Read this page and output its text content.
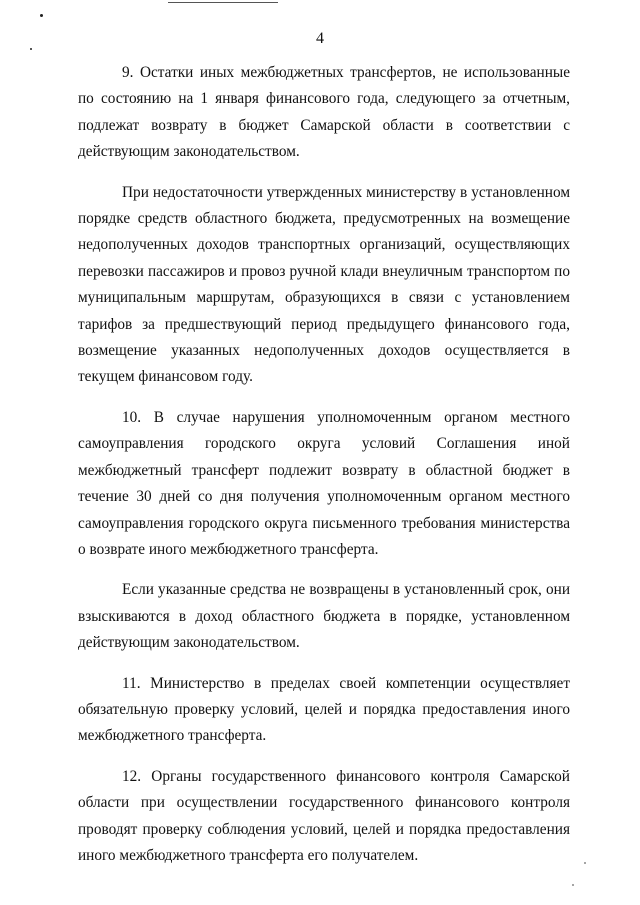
4

9. Остатки иных межбюджетных трансфертов, не использованные по состоянию на 1 января финансового года, следующего за отчетным, подлежат возврату в бюджет Самарской области в соответствии с действующим законодательством.

При недостаточности утвержденных министерству в установленном порядке средств областного бюджета, предусмотренных на возмещение недополученных доходов транспортных организаций, осуществляющих перевозки пассажиров и провоз ручной клади внеуличным транспортом по муниципальным маршрутам, образующихся в связи с установлением тарифов за предшествующий период предыдущего финансового года, возмещение указанных недополученных доходов осуществляется в текущем финансовом году.

10. В случае нарушения уполномоченным органом местного самоуправления городского округа условий Соглашения иной межбюджетный трансферт подлежит возврату в областной бюджет в течение 30 дней со дня получения уполномоченным органом местного самоуправления городского округа письменного требования министерства о возврате иного межбюджетного трансферта.

Если указанные средства не возвращены в установленный срок, они взыскиваются в доход областного бюджета в порядке, установленном действующим законодательством.

11. Министерство в пределах своей компетенции осуществляет обязательную проверку условий, целей и порядка предоставления иного межбюджетного трансферта.

12. Органы государственного финансового контроля Самарской области при осуществлении государственного финансового контроля проводят проверку соблюдения условий, целей и порядка предоставления иного межбюджетного трансферта его получателем.
